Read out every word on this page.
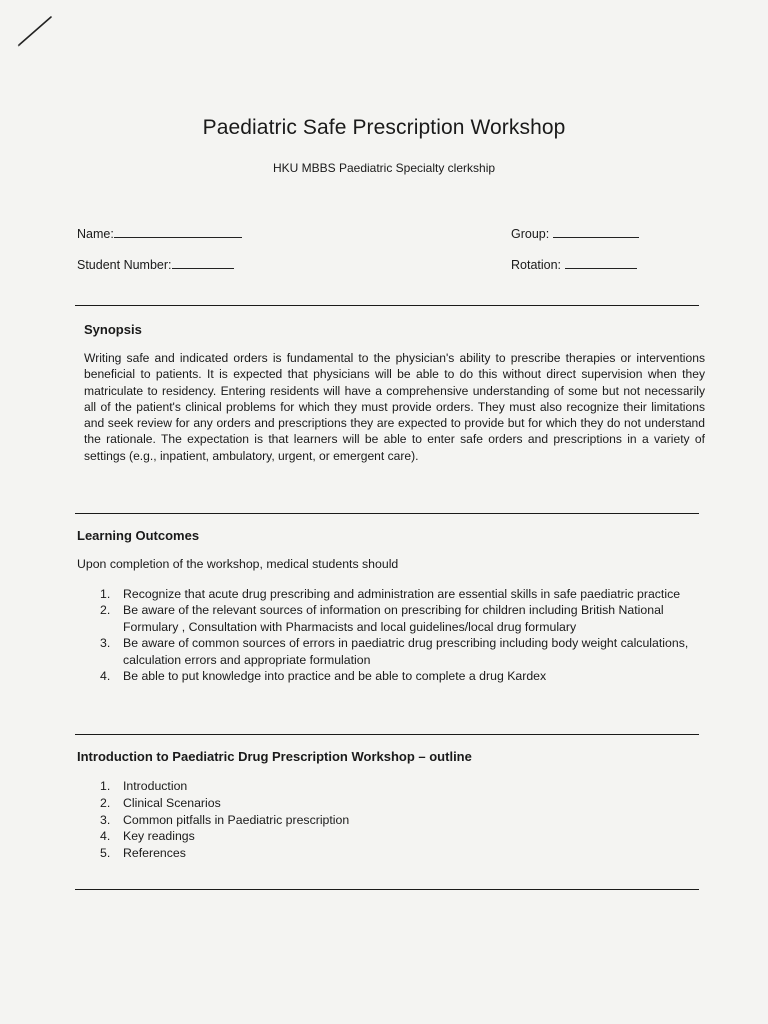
Paediatric Safe Prescription Workshop
HKU MBBS Paediatric Specialty clerkship
Name:
Student Number:
Group:
Rotation:
Synopsis
Writing safe and indicated orders is fundamental to the physician's ability to prescribe therapies or interventions beneficial to patients. It is expected that physicians will be able to do this without direct supervision when they matriculate to residency. Entering residents will have a comprehensive understanding of some but not necessarily all of the patient's clinical problems for which they must provide orders. They must also recognize their limitations and seek review for any orders and prescriptions they are expected to provide but for which they do not understand the rationale. The expectation is that learners will be able to enter safe orders and prescriptions in a variety of settings (e.g., inpatient, ambulatory, urgent, or emergent care).
Learning Outcomes
Upon completion of the workshop, medical students should
1. Recognize that acute drug prescribing and administration are essential skills in safe paediatric practice
2. Be aware of the relevant sources of information on prescribing for children including British National Formulary , Consultation with Pharmacists and local guidelines/local drug formulary
3. Be aware of common sources of errors in paediatric drug prescribing including body weight calculations, calculation errors and appropriate formulation
4. Be able to put knowledge into practice and be able to complete a drug Kardex
Introduction to Paediatric Drug Prescription Workshop – outline
1. Introduction
2. Clinical Scenarios
3. Common pitfalls in Paediatric prescription
4. Key readings
5. References
